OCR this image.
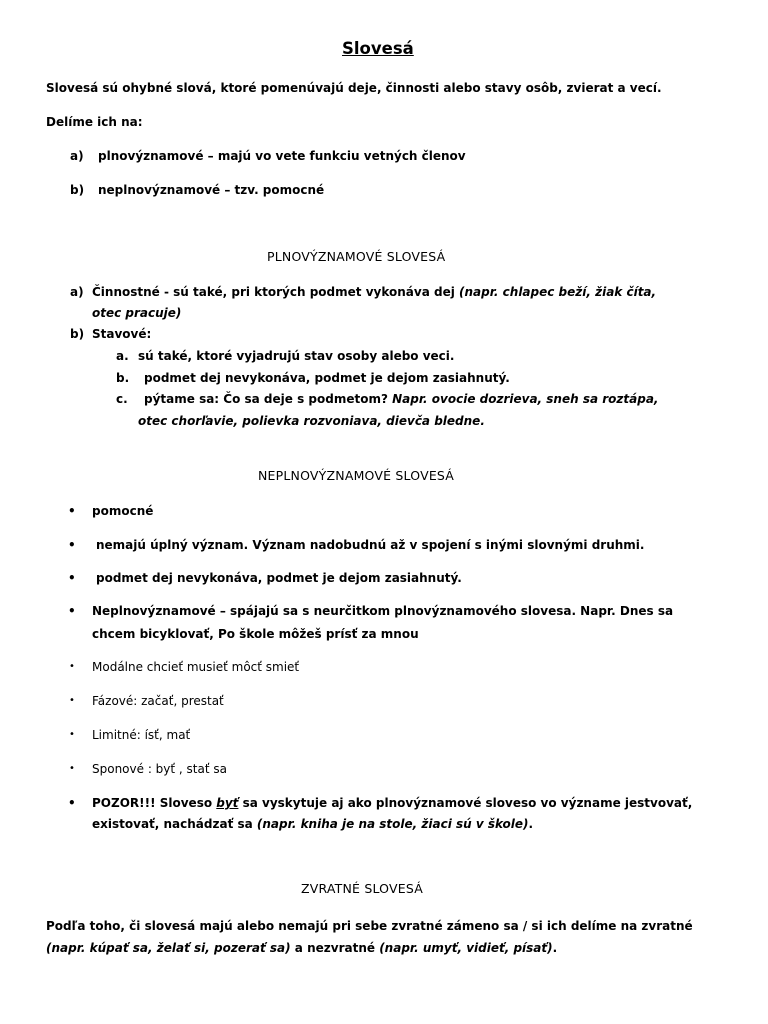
Slovesá
Slovesá sú ohybné slová, ktoré pomenúvajú deje, činnosti alebo stavy osôb, zvierat a vecí.
Delíme ich na:
a) plnovýznamové – majú vo vete funkciu vetných členov
b) neplnovýznamové – tzv. pomocné
PLNOVÝZNAMOVÉ SLOVESÁ
a) Činnostné - sú také, pri ktorých podmet vykonáva dej (napr. chlapec beží, žiak číta,
otec pracuje)
b) Stavové:
a. sú také, ktoré vyjadrujú stav osoby alebo veci.
b. podmet dej nevykonáva, podmet je dejom zasiahnutý.
c. pýtame sa: Čo sa deje s podmetom? Napr. ovocie dozrieva, sneh sa roztápa,
otec chorľavie, polievka rozvoniava, dievča bledne.
NEPLNOVÝZNAMOVÉ SLOVESÁ
• pomocné
• nemajú úplný význam. Význam nadobudnú až v spojení s inými slovnými druhmi.
• podmet dej nevykonáva, podmet je dejom zasiahnutý.
• Neplnovýznamové – spájajú sa s neurčitkom plnovýznamového slovesa. Napr. Dnes sa
chcem bicyklovať, Po škole môžeš prísť za mnou
• Modálne chcieť musieť môcť smieť
• Fázové: začať, prestať
• Limitné: ísť, mať
• Sponové : byť , stať sa
• POZOR!!! Sloveso byť sa vyskytuje aj ako plnovýznamové sloveso vo význame jestvovať,
existovať, nachádzať sa (napr. kniha je na stole, žiaci sú v škole).
ZVRATNÉ SLOVESÁ
Podľa toho, či slovesá majú alebo nemajú pri sebe zvratné zámeno sa / si ich delíme na zvratné
(napr. kúpať sa, želať si, pozerať sa) a nezvratné (napr. umyť, vidieť, písať).
